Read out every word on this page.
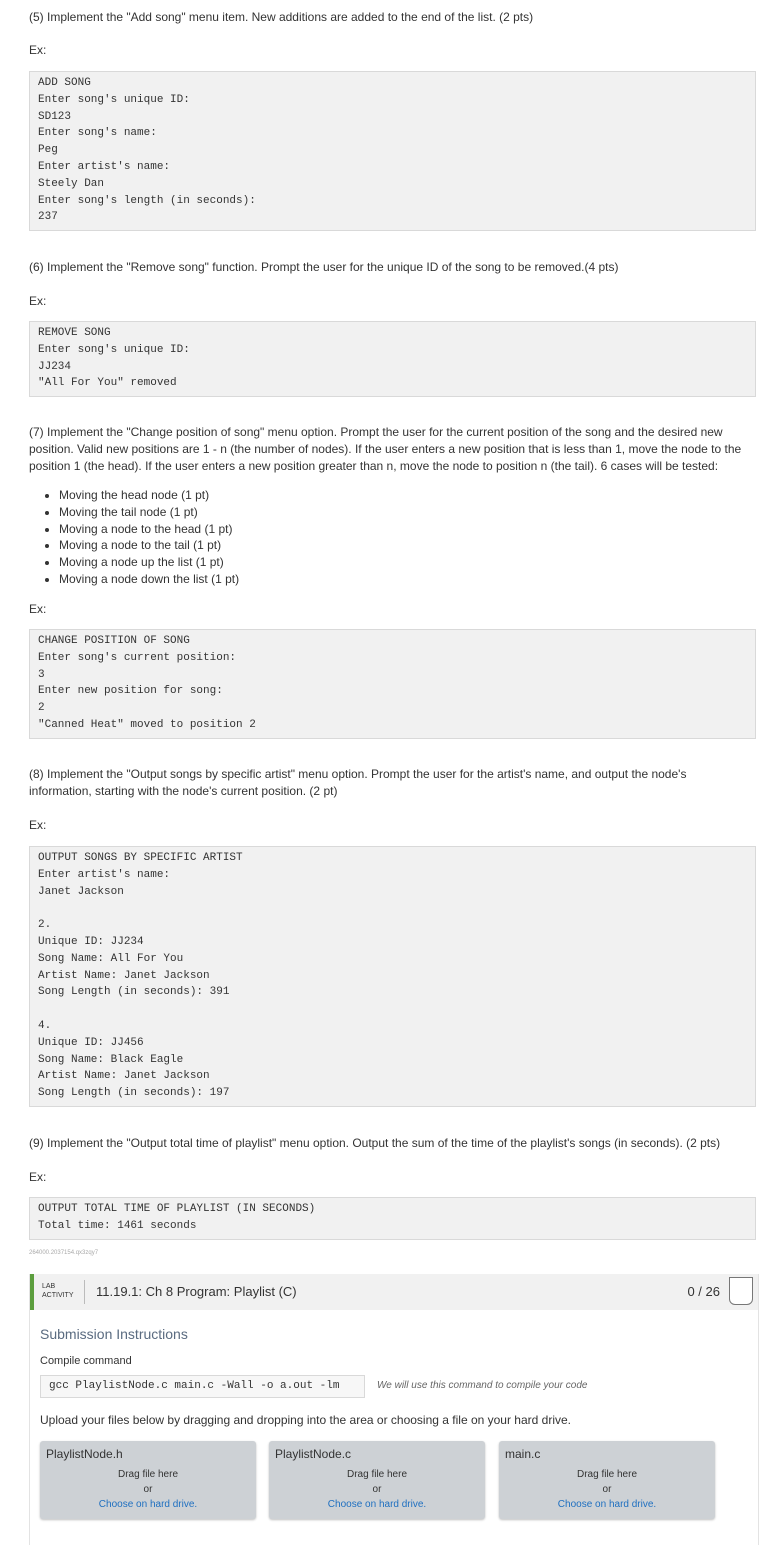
(5) Implement the "Add song" menu item. New additions are added to the end of the list. (2 pts)
Ex:
ADD SONG
Enter song's unique ID:
SD123
Enter song's name:
Peg
Enter artist's name:
Steely Dan
Enter song's length (in seconds):
237
(6) Implement the "Remove song" function. Prompt the user for the unique ID of the song to be removed.(4 pts)
Ex:
REMOVE SONG
Enter song's unique ID:
JJ234
"All For You" removed
(7) Implement the "Change position of song" menu option. Prompt the user for the current position of the song and the desired new position. Valid new positions are 1 - n (the number of nodes). If the user enters a new position that is less than 1, move the node to the position 1 (the head). If the user enters a new position greater than n, move the node to position n (the tail). 6 cases will be tested:
• Moving the head node (1 pt)
• Moving the tail node (1 pt)
• Moving a node to the head (1 pt)
• Moving a node to the tail (1 pt)
• Moving a node up the list (1 pt)
• Moving a node down the list (1 pt)
Ex:
CHANGE POSITION OF SONG
Enter song's current position:
3
Enter new position for song:
2
"Canned Heat" moved to position 2
(8) Implement the "Output songs by specific artist" menu option. Prompt the user for the artist's name, and output the node's information, starting with the node's current position. (2 pt)
Ex:
OUTPUT SONGS BY SPECIFIC ARTIST
Enter artist's name:
Janet Jackson
2.
Unique ID: JJ234
Song Name: All For You
Artist Name: Janet Jackson
Song Length (in seconds): 391
4.
Unique ID: JJ456
Song Name: Black Eagle
Artist Name: Janet Jackson
Song Length (in seconds): 197
(9) Implement the "Output total time of playlist" menu option. Output the sum of the time of the playlist's songs (in seconds). (2 pts)
Ex:
OUTPUT TOTAL TIME OF PLAYLIST (IN SECONDS)
Total time: 1461 seconds
264000.2037154.qx3zqy7
LAB
ACTIVITY 11.19.1: Ch 8 Program: Playlist (C)	0 / 26
Submission Instructions
Compile command
gcc PlaylistNode.c main.c -Wall -o a.out -lm	We will use this command to compile your code
Upload your files below by dragging and dropping into the area or choosing a file on your hard drive.
PlaylistNode.h
Drag file here
or
Choose on hard drive.
PlaylistNode.c
Drag file here
or
Choose on hard drive.
main.c
Drag file here
or
Choose on hard drive.
